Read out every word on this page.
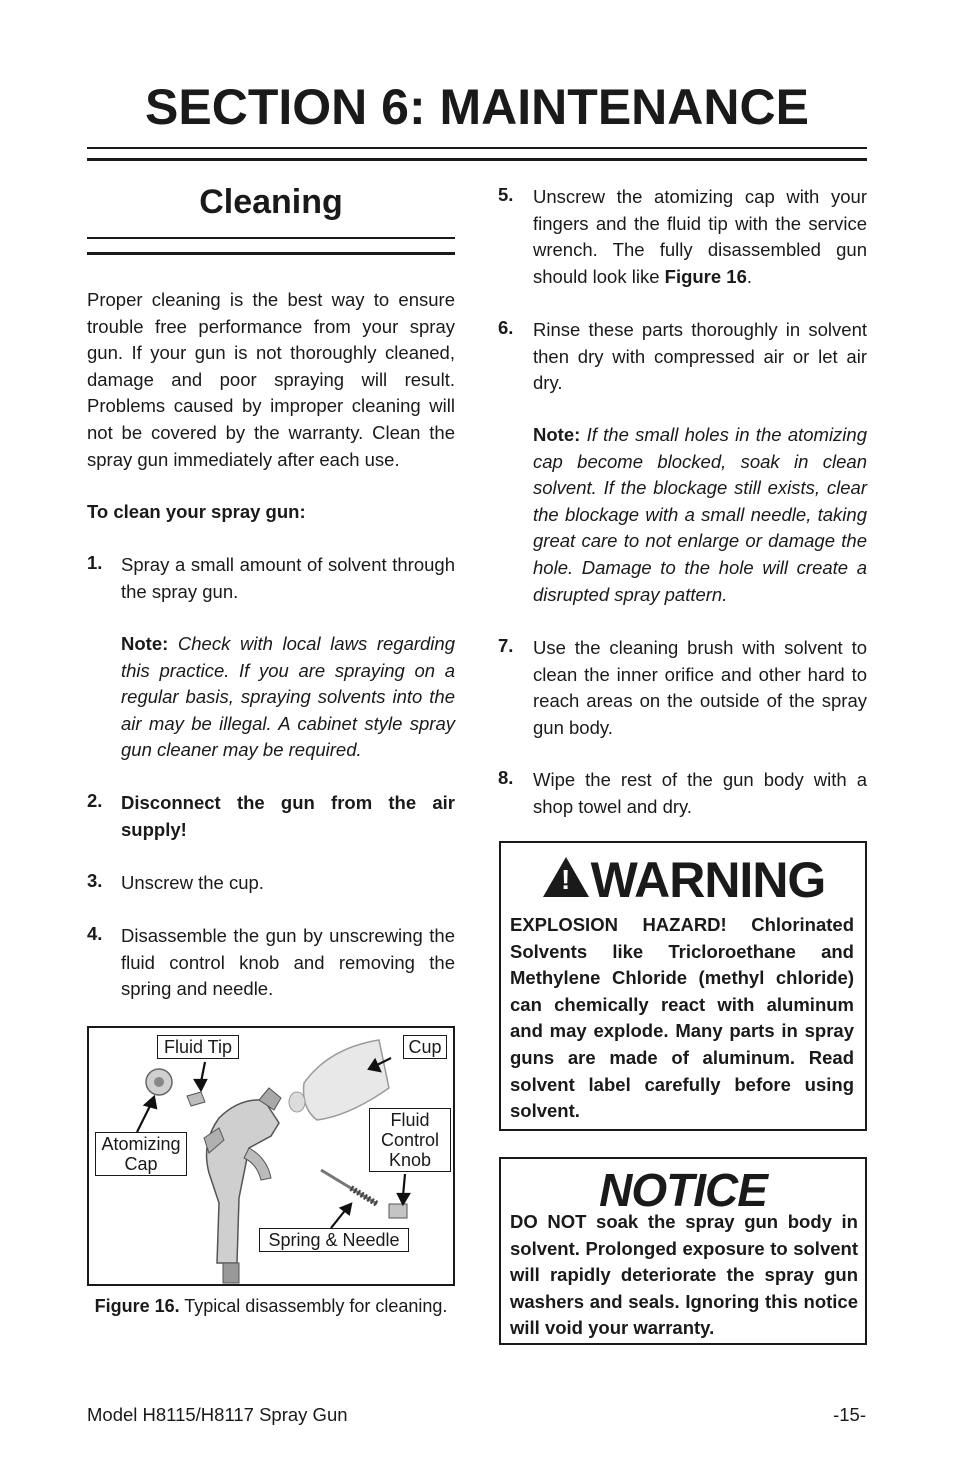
SECTION 6: MAINTENANCE
Cleaning
Proper cleaning is the best way to ensure trouble free performance from your spray gun. If your gun is not thoroughly cleaned, damage and poor spraying will result. Problems caused by improper cleaning will not be covered by the warranty. Clean the spray gun immediately after each use.
To clean your spray gun:
1. Spray a small amount of solvent through the spray gun.
Note: Check with local laws regarding this practice. If you are spraying on a regular basis, spraying solvents into the air may be illegal. A cabinet style spray gun cleaner may be required.
2. Disconnect the gun from the air supply!
3. Unscrew the cup.
4. Disassemble the gun by unscrewing the fluid control knob and removing the spring and needle.
Fluid Tip	Cup
Atomizing Cap
Fluid Control Knob
Spring & Needle
Figure 16. Typical disassembly for cleaning.
5. Unscrew the atomizing cap with your fingers and the fluid tip with the service wrench. The fully disassembled gun should look like Figure 16.
6. Rinse these parts thoroughly in solvent then dry with compressed air or let air dry.
Note: If the small holes in the atomizing cap become blocked, soak in clean solvent. If the blockage still exists, clear the blockage with a small needle, taking great care to not enlarge or damage the hole. Damage to the hole will create a disrupted spray pattern.
7. Use the cleaning brush with solvent to clean the inner orifice and other hard to reach areas on the outside of the spray gun body.
8. Wipe the rest of the gun body with a shop towel and dry.
! WARNING
EXPLOSION HAZARD! Chlorinated Solvents like Tricloroethane and Methylene Chloride (methyl chloride) can chemically react with aluminum and may explode. Many parts in spray guns are made of aluminum. Read solvent label carefully before using solvent.
NOTICE
DO NOT soak the spray gun body in solvent. Prolonged exposure to solvent will rapidly deteriorate the spray gun washers and seals. Ignoring this notice will void your warranty.
Model H8115/H8117 Spray Gun	-15-
